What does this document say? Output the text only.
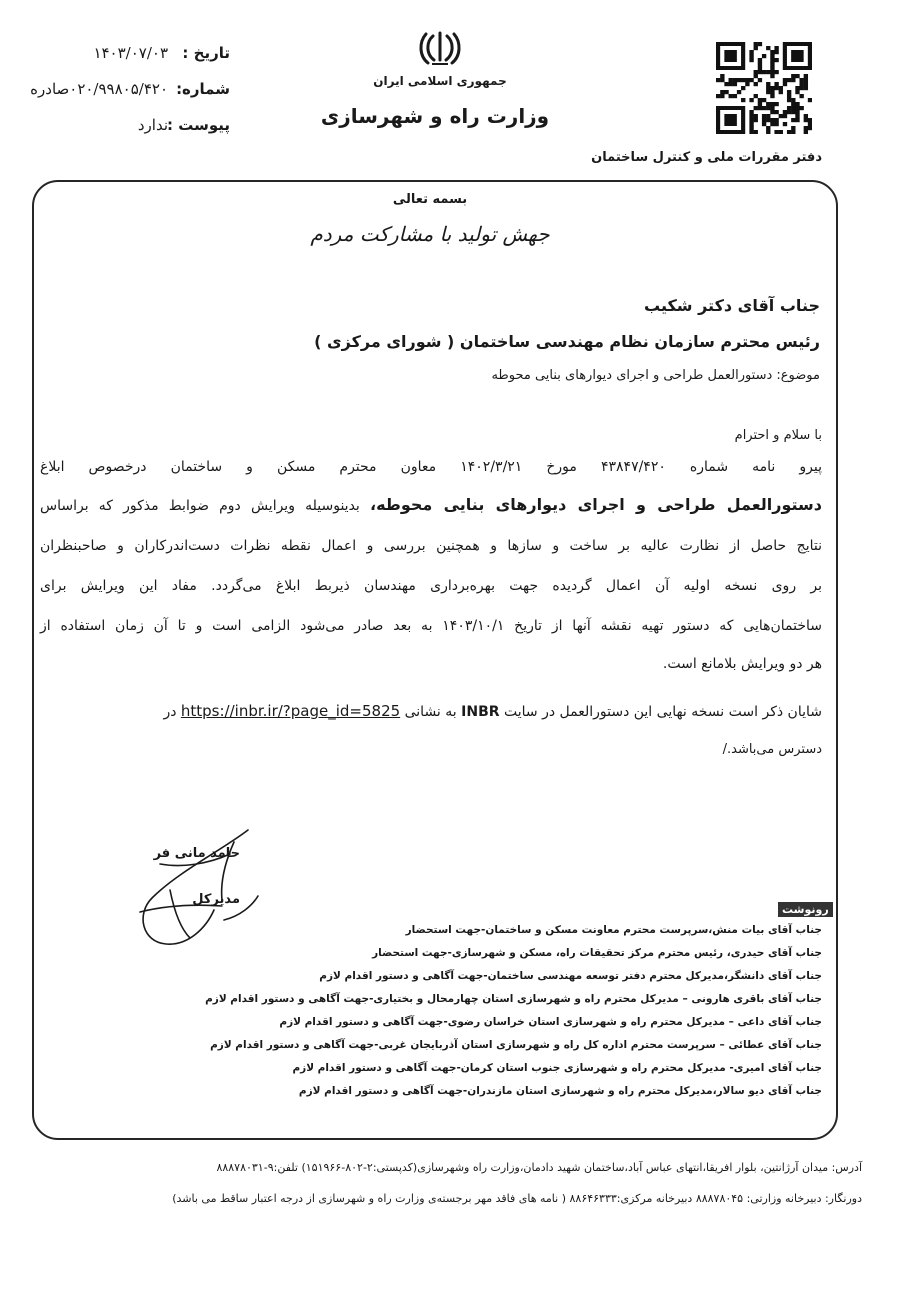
جمهوری اسلامی ایران
وزارت راه و شهرسازی
دفتر مقررات ملی و کنترل ساختمان
تاریخ :
۱۴۰۳/۰۷/۰۳
شماره:
۰۲۰/۹۹۸۰۵/۴۲۰صادره
پیوست :
ندارد
بسمه تعالی
جهش تولید با مشارکت مردم
جناب آقای دکتر شکیب
رئیس محترم سازمان نظام مهندسی ساختمان ( شورای مرکزی )
موضوع: دستورالعمل طراحی و اجرای دیوارهای بنایی محوطه
با سلام و احترام
پیرو نامه شماره ۴۳۸۴۷/۴۲۰ مورخ ۱۴۰۲/۳/۲۱ معاون محترم مسکن و ساختمان درخصوص ابلاغ
دستورالعمل طراحی و اجرای دیوارهای بنایی محوطه، بدینوسیله ویرایش دوم ضوابط مذکور که براساس
نتایج حاصل از نظارت عالیه بر ساخت و سازها و همچنین بررسی و اعمال نقطه نظرات دست‌اندرکاران و صاحبنظران
بر روی نسخه اولیه آن اعمال گردیده جهت بهره‌برداری مهندسان ذیربط ابلاغ می‌گردد. مفاد این ویرایش برای
ساختمان‌هایی که دستور تهیه نقشه آنها از تاریخ ۱۴۰۳/۱۰/۱ به بعد صادر می‌شود الزامی است و تا آن زمان استفاده از
هر دو ویرایش بلامانع است.
شایان ذکر است نسخه نهایی این دستورالعمل در سایت INBR به نشانی https://inbr.ir/?page_id=5825 در
دسترس می‌باشد./
حامد مانی فر
مدیرکل
رونوشت
جناب آقای بیات منش،سرپرست محترم معاونت مسکن و ساختمان-جهت استحضار
جناب آقای حیدری، رئیس محترم مرکز تحقیقات راه، مسکن و شهرسازی-جهت استحضار
جناب آقای دانشگر،مدیرکل محترم دفتر توسعه مهندسی ساختمان-جهت آگاهی و دستور اقدام لازم
جناب آقای باقری هارونی – مدیرکل محترم راه و شهرسازی استان چهارمحال و بختیاری-جهت آگاهی و دستور اقدام لازم
جناب آقای داعی – مدیرکل محترم راه و شهرسازی استان خراسان رضوی-جهت آگاهی و دستور اقدام لازم
جناب آقای عطائی – سرپرست محترم اداره کل راه و شهرسازی استان آذربایجان غربی-جهت آگاهی و دستور اقدام لازم
جناب آقای امیری- مدیرکل محترم راه و شهرسازی جنوب استان کرمان-جهت آگاهی و دستور اقدام لازم
جناب آقای دیو سالار،مدیرکل محترم راه و شهرسازی استان مازندران-جهت آگاهی و دستور اقدام لازم
آدرس: میدان آرژانتین، بلوار افریقا،انتهای عباس آباد،ساختمان شهید دادمان،وزارت راه وشهرسازی(کدپستی:۲-۸۰۲-۱۵۱۹۶۶) تلفن:۹-۸۸۸۷۸۰۳۱
دورنگار: دبیرخانه وزارتی: ۸۸۸۷۸۰۴۵ دبیرخانه مرکزی:۸۸۶۴۶۳۳۳ ( نامه های فاقد مهر برجسته‌ی وزارت راه و شهرسازی از درجه اعتبار ساقط می باشد)
